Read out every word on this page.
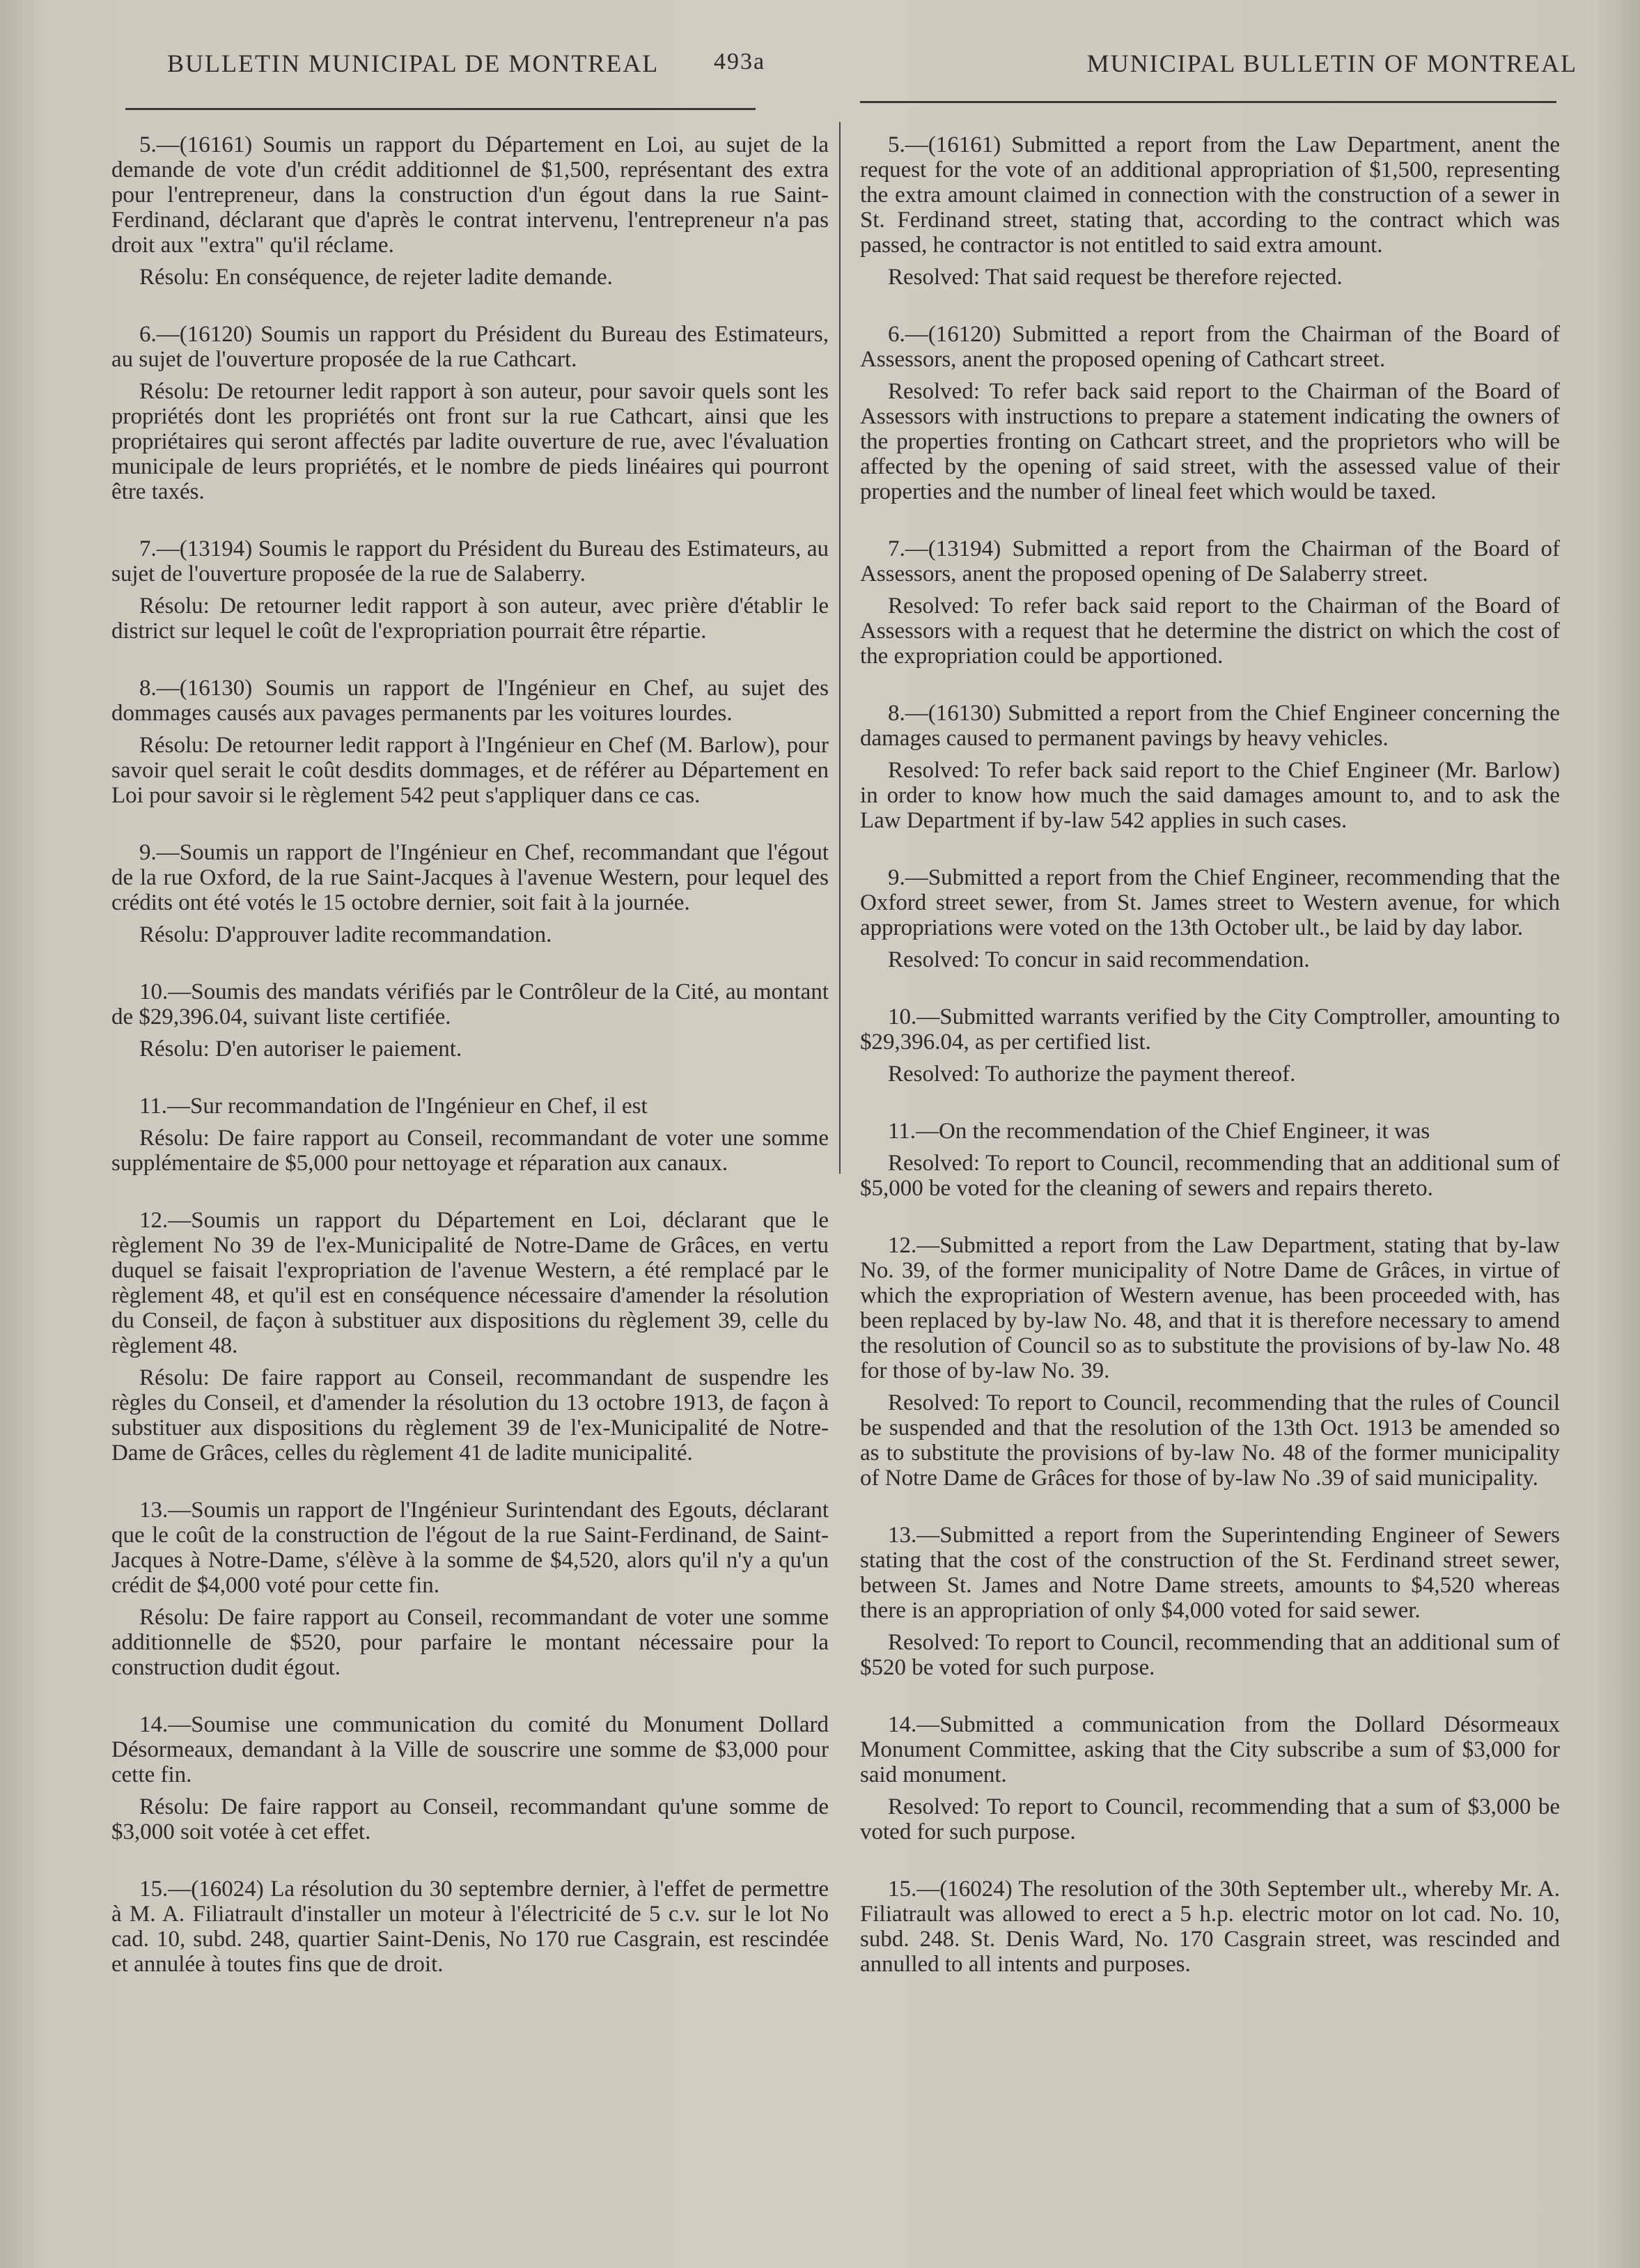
BULLETIN MUNICIPAL DE MONTREAL 493a	MUNICIPAL BULLETIN OF MONTREAL

5.—(16161) Soumis un rapport du Département en Loi, au sujet de la demande de vote d'un crédit additionnel de $1,500, représentant des extra pour l'entrepreneur, dans la construction d'un égout dans la rue Saint-Ferdinand, déclarant que d'après le contrat intervenu, l'entrepreneur n'a pas droit aux "extra" qu'il réclame.

Résolu: En conséquence, de rejeter ladite demande.

6.—(16120) Soumis un rapport du Président du Bureau des Estimateurs, au sujet de l'ouverture proposée de la rue Cathcart.

Résolu: De retourner ledit rapport à son auteur, pour savoir quels sont les propriétés dont les propriétés ont front sur la rue Cathcart, ainsi que les propriétaires qui seront affectés par ladite ouverture de rue, avec l'évaluation municipale de leurs propriétés, et le nombre de pieds linéaires qui pourront être taxés.

7.—(13194) Soumis le rapport du Président du Bureau des Estimateurs, au sujet de l'ouverture proposée de la rue de Salaberry.

Résolu: De retourner ledit rapport à son auteur, avec prière d'établir le district sur lequel le coût de l'expropriation pourrait être répartie.

8.—(16130) Soumis un rapport de l'Ingénieur en Chef, au sujet des dommages causés aux pavages permanents par les voitures lourdes.

Résolu: De retourner ledit rapport à l'Ingénieur en Chef (M. Barlow), pour savoir quel serait le coût desdits dommages, et de référer au Département en Loi pour savoir si le règlement 542 peut s'appliquer dans ce cas.

9.—Soumis un rapport de l'Ingénieur en Chef, recommandant que l'égout de la rue Oxford, de la rue Saint-Jacques à l'avenue Western, pour lequel des crédits ont été votés le 15 octobre dernier, soit fait à la journée.

Résolu: D'approuver ladite recommandation.

10.—Soumis des mandats vérifiés par le Contrôleur de la Cité, au montant de $29,396.04, suivant liste certifiée.

Résolu: D'en autoriser le paiement.

11.—Sur recommandation de l'Ingénieur en Chef, il est

Résolu: De faire rapport au Conseil, recommandant de voter une somme supplémentaire de $5,000 pour nettoyage et réparation aux canaux.

12.—Soumis un rapport du Département en Loi, déclarant que le règlement No 39 de l'ex-Municipalité de Notre-Dame de Grâces, en vertu duquel se faisait l'expropriation de l'avenue Western, a été remplacé par le règlement 48, et qu'il est en conséquence nécessaire d'amender la résolution du Conseil, de façon à substituer aux dispositions du règlement 39, celle du règlement 48.

Résolu: De faire rapport au Conseil, recommandant de suspendre les règles du Conseil, et d'amender la résolution du 13 octobre 1913, de façon à substituer aux dispositions du règlement 39 de l'ex-Municipalité de Notre-Dame de Grâces, celles du règlement 41 de ladite municipalité.

13.—Soumis un rapport de l'Ingénieur Surintendant des Egouts, déclarant que le coût de la construction de l'égout de la rue Saint-Ferdinand, de Saint-Jacques à Notre-Dame, s'élève à la somme de $4,520, alors qu'il n'y a qu'un crédit de $4,000 voté pour cette fin.

Résolu: De faire rapport au Conseil, recommandant de voter une somme additionnelle de $520, pour parfaire le montant nécessaire pour la construction dudit égout.

14.—Soumise une communication du comité du Monument Dollard Désormeaux, demandant à la Ville de souscrire une somme de $3,000 pour cette fin.

Résolu: De faire rapport au Conseil, recommandant qu'une somme de $3,000 soit votée à cet effet.

15.—(16024) La résolution du 30 septembre dernier, à l'effet de permettre à M. A. Filiatrault d'installer un moteur à l'électricité de 5 c.v. sur le lot No cad. 10, subd. 248, quartier Saint-Denis, No 170 rue Casgrain, est rescindée et annulée à toutes fins que de droit.

5.—(16161) Submitted a report from the Law Department, anent the request for the vote of an additional appropriation of $1,500, representing the extra amount claimed in connection with the construction of a sewer in St. Ferdinand street, stating that, according to the contract which was passed, he contractor is not entitled to said extra amount.

Resolved: That said request be therefore rejected.

6.—(16120) Submitted a report from the Chairman of the Board of Assessors, anent the proposed opening of Cathcart street.

Resolved: To refer back said report to the Chairman of the Board of Assessors with instructions to prepare a statement indicating the owners of the properties fronting on Cathcart street, and the proprietors who will be affected by the opening of said street, with the assessed value of their properties and the number of lineal feet which would be taxed.

7.—(13194) Submitted a report from the Chairman of the Board of Assessors, anent the proposed opening of De Salaberry street.

Resolved: To refer back said report to the Chairman of the Board of Assessors with a request that he determine the district on which the cost of the expropriation could be apportioned.

8.—(16130) Submitted a report from the Chief Engineer concerning the damages caused to permanent pavings by heavy vehicles.

Resolved: To refer back said report to the Chief Engineer (Mr. Barlow) in order to know how much the said damages amount to, and to ask the Law Department if by-law 542 applies in such cases.

9.—Submitted a report from the Chief Engineer, recommending that the Oxford street sewer, from St. James street to Western avenue, for which appropriations were voted on the 13th October ult., be laid by day labor.

Resolved: To concur in said recommendation.

10.—Submitted warrants verified by the City Comptroller, amounting to $29,396.04, as per certified list.

Resolved: To authorize the payment thereof.

11.—On the recommendation of the Chief Engineer, it was

Resolved: To report to Council, recommending that an additional sum of $5,000 be voted for the cleaning of sewers and repairs thereto.

12.—Submitted a report from the Law Department, stating that by-law No. 39, of the former municipality of Notre Dame de Grâces, in virtue of which the expropriation of Western avenue, has been proceeded with, has been replaced by by-law No. 48, and that it is therefore necessary to amend the resolution of Council so as to substitute the provisions of by-law No. 48 for those of by-law No. 39.

Resolved: To report to Council, recommending that the rules of Council be suspended and that the resolution of the 13th Oct. 1913 be amended so as to substitute the provisions of by-law No. 48 of the former municipality of Notre Dame de Grâces for those of by-law No .39 of said municipality.

13.—Submitted a report from the Superintending Engineer of Sewers stating that the cost of the construction of the St. Ferdinand street sewer, between St. James and Notre Dame streets, amounts to $4,520 whereas there is an appropriation of only $4,000 voted for said sewer.

Resolved: To report to Council, recommending that an additional sum of $520 be voted for such purpose.

14.—Submitted a communication from the Dollard Désormeaux Monument Committee, asking that the City subscribe a sum of $3,000 for said monument.

Resolved: To report to Council, recommending that a sum of $3,000 be voted for such purpose.

15.—(16024) The resolution of the 30th September ult., whereby Mr. A. Filiatrault was allowed to erect a 5 h.p. electric motor on lot cad. No. 10, subd. 248. St. Denis Ward, No. 170 Casgrain street, was rescinded and annulled to all intents and purposes.
